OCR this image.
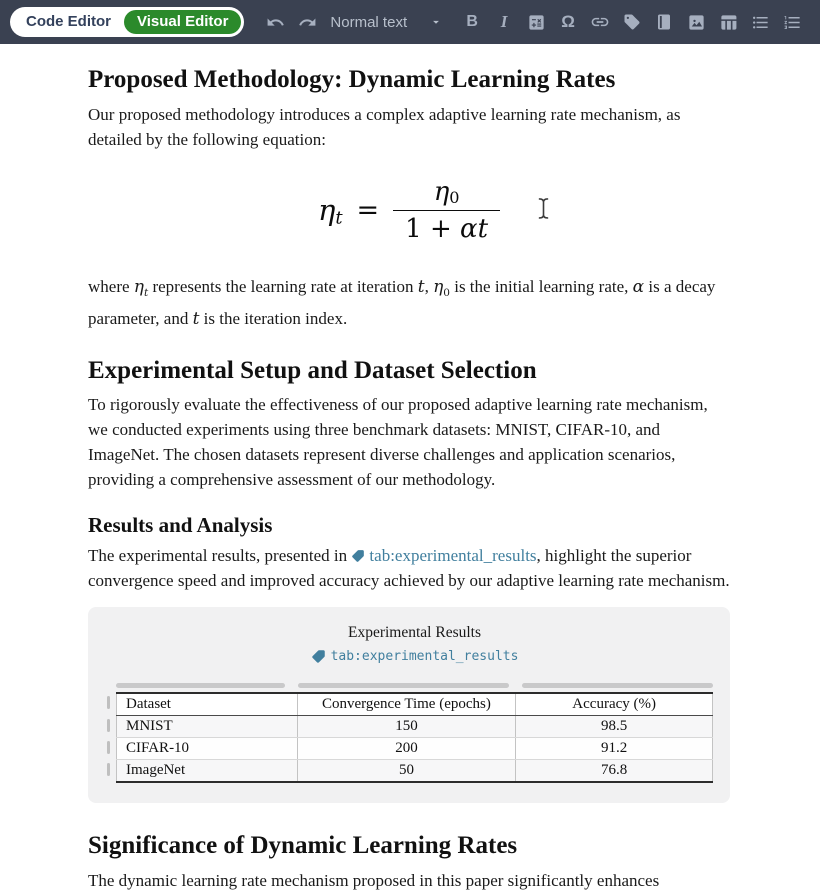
Code Editor	Visual Editor	Normal text	B	I	Ω
Proposed Methodology: Dynamic Learning Rates

Our proposed methodology introduces a complex adaptive learning rate mechanism, as detailed by the following equation:

$\eta_t = \frac{\eta_0}{1 + \alpha t}$

where $\eta_t$ represents the learning rate at iteration t, $\eta_0$ is the initial learning rate, α is a decay parameter, and t is the iteration index.

Experimental Setup and Dataset Selection

To rigorously evaluate the effectiveness of our proposed adaptive learning rate mechanism, we conducted experiments using three benchmark datasets: MNIST, CIFAR-10, and ImageNet. The chosen datasets represent diverse challenges and application scenarios, providing a comprehensive assessment of our methodology.

Results and Analysis

The experimental results, presented in tab:experimental_results, highlight the superior convergence speed and improved accuracy achieved by our adaptive learning rate mechanism.

Experimental Results
tab:experimental_results
Dataset	Convergence Time (epochs)	Accuracy (%)
MNIST	150	98.5
CIFAR-10	200	91.2
ImageNet	50	76.8
Significance of Dynamic Learning Rates

The dynamic learning rate mechanism proposed in this paper significantly enhances
